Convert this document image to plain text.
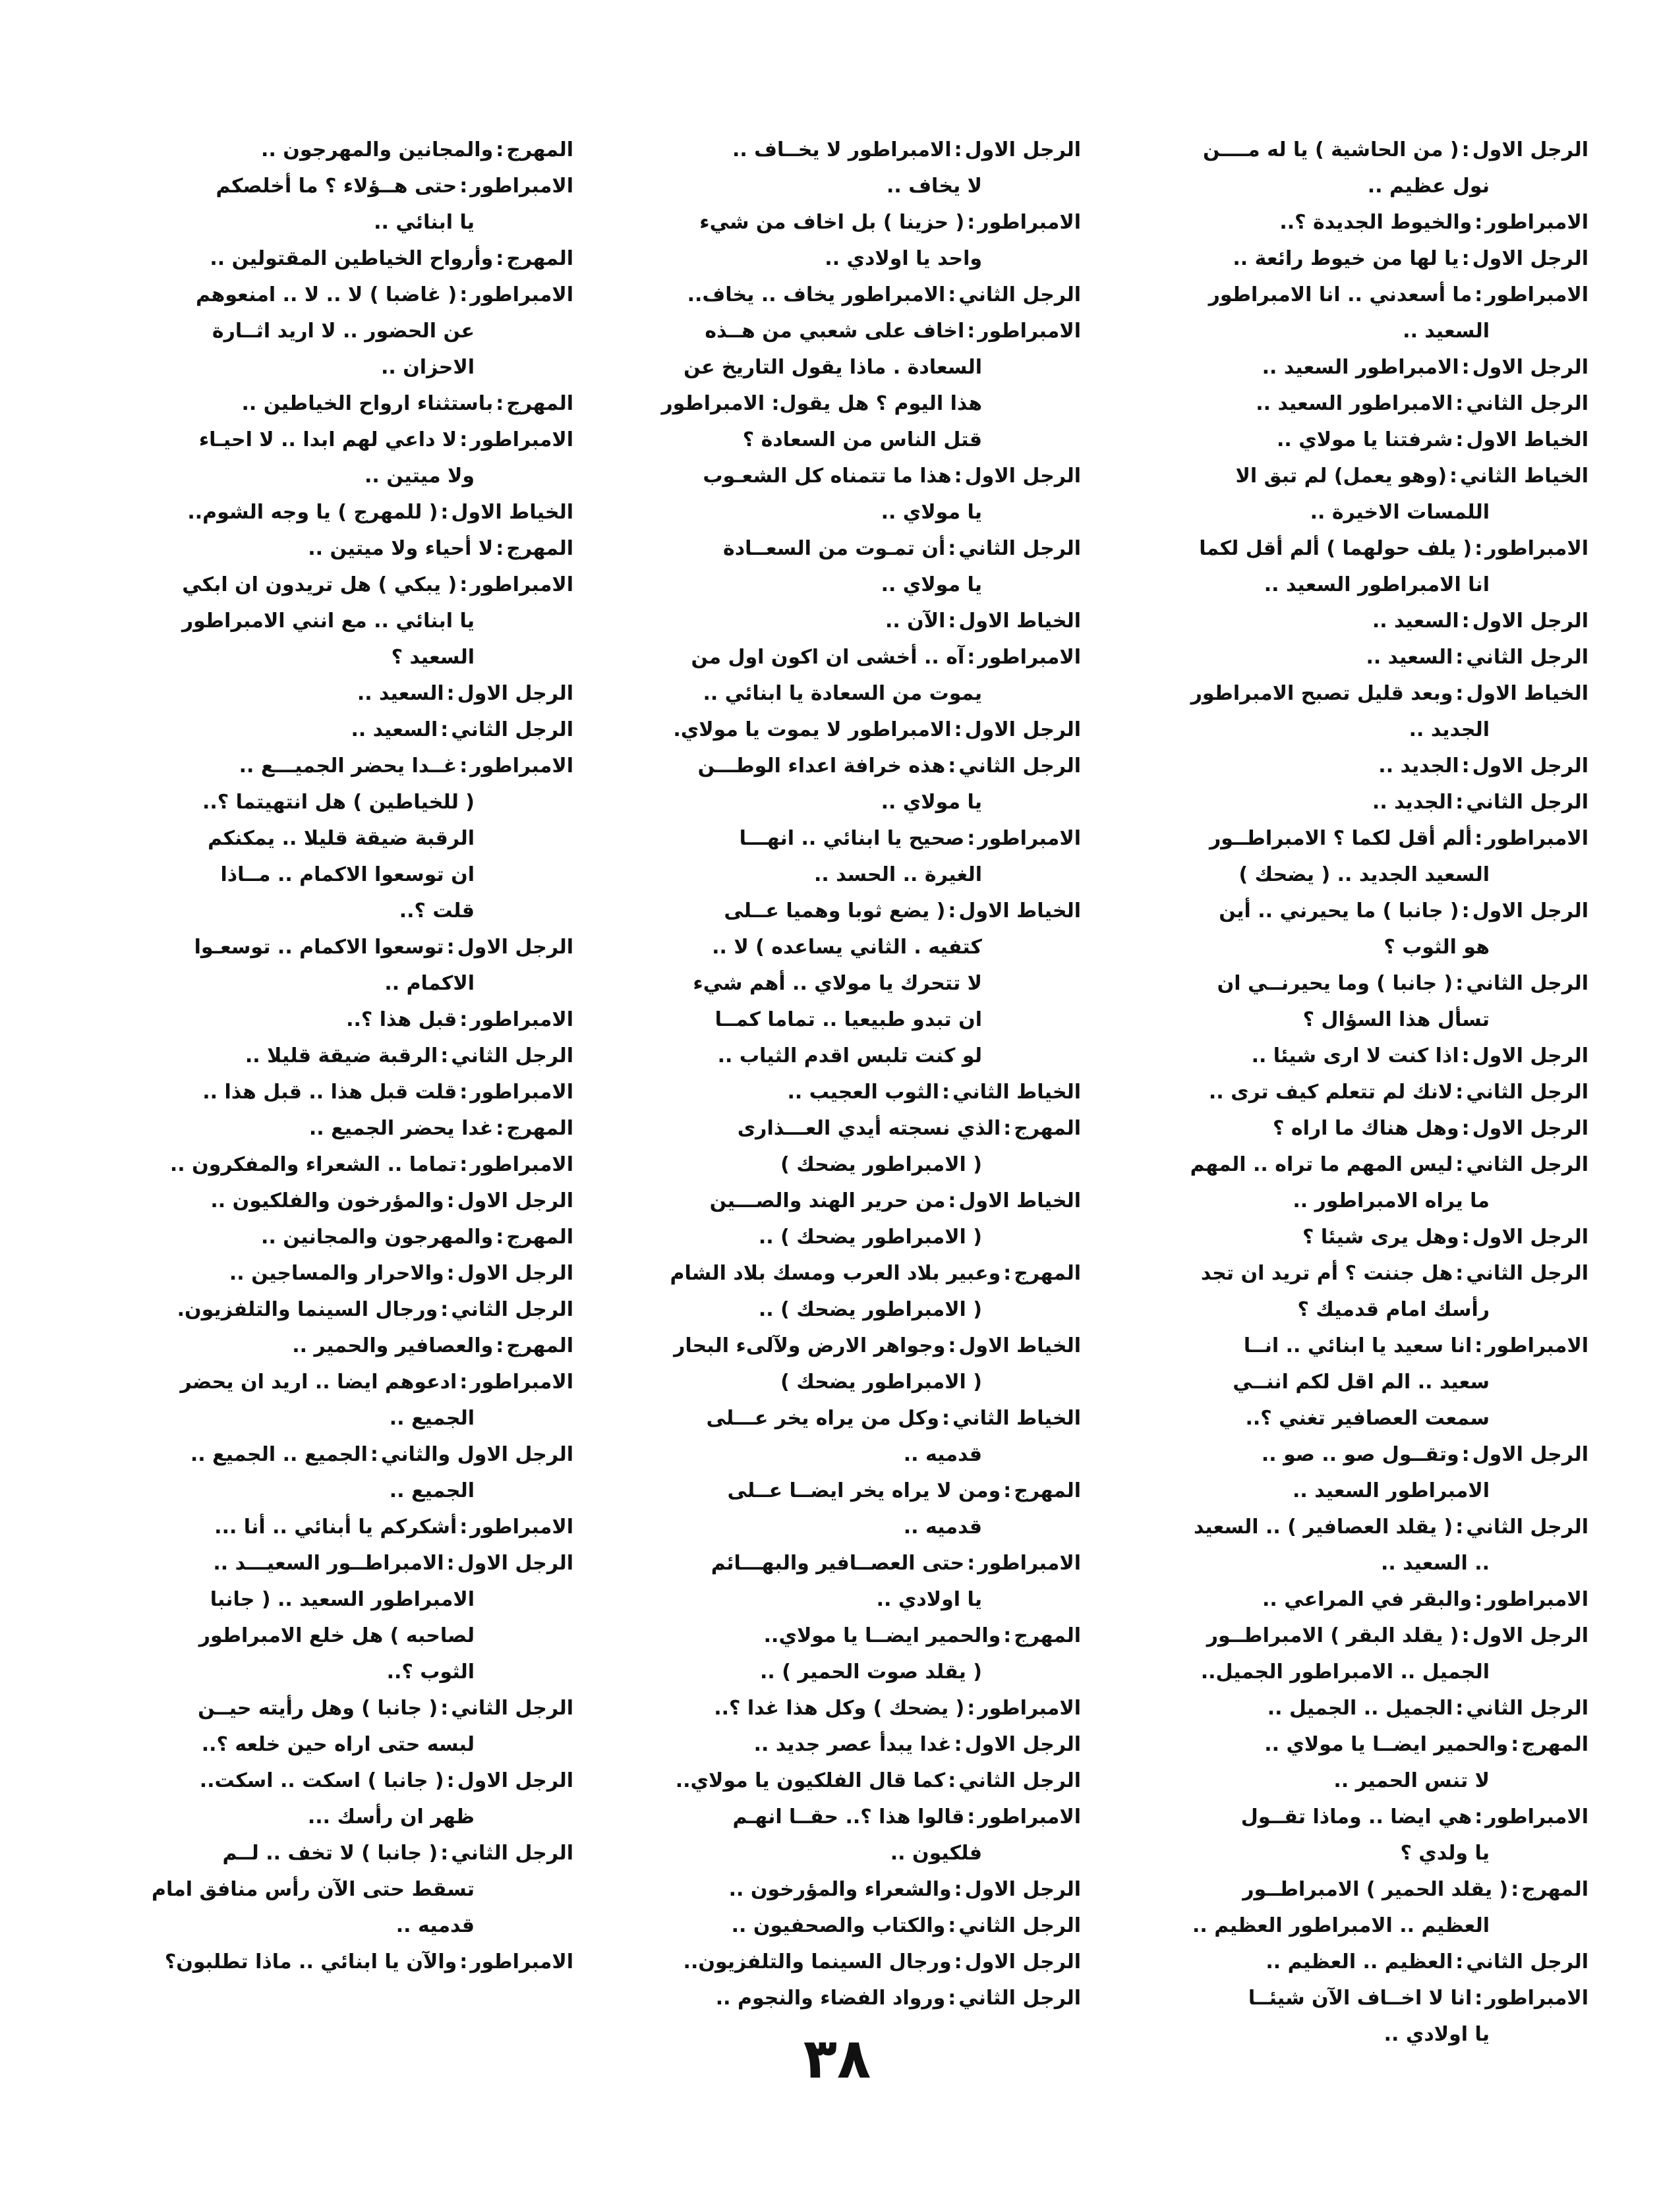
الرجل الاول:( من الحاشية ) يا له مــــن
نول عظيم ..
الامبراطور:والخيوط الجديدة ؟..
الرجل الاول:يا لها من خيوط رائعة ..
الامبراطور:ما أسعدني .. انا الامبراطور
السعيد ..
الرجل الاول:الامبراطور السعيد ..
الرجل الثاني:الامبراطور السعيد ..
الخياط الاول:شرفتنا يا مولاي ..
الخياط الثاني:(وهو يعمل) لم تبق الا
اللمسات الاخيرة ..
الامبراطور:( يلف حولهما ) ألم أقل لكما
انا الامبراطور السعيد ..
الرجل الاول:السعيد ..
الرجل الثاني:السعيد ..
الخياط الاول:وبعد قليل تصبح الامبراطور
الجديد ..
الرجل الاول:الجديد ..
الرجل الثاني:الجديد ..
الامبراطور:ألم أقل لكما ؟ الامبراطــور
السعيد الجديد .. ( يضحك )
الرجل الاول:( جانبا ) ما يحيرني .. أين
هو الثوب ؟
الرجل الثاني:( جانبا ) وما يحيرنــي ان
تسأل هذا السؤال ؟
الرجل الاول:اذا كنت لا ارى شيئا ..
الرجل الثاني:لانك لم تتعلم كيف ترى ..
الرجل الاول:وهل هناك ما اراه ؟
الرجل الثاني:ليس المهم ما تراه .. المهم
ما يراه الامبراطور ..
الرجل الاول:وهل يرى شيئا ؟
الرجل الثاني:هل جننت ؟ أم تريد ان تجد
رأسك امام قدميك ؟
الامبراطور:انا سعيد يا ابنائي .. انــا
سعيد .. الم اقل لكم اننــي
سمعت العصافير تغني ؟..
الرجل الاول:وتقــول صو .. صو ..
الامبراطور السعيد ..
الرجل الثاني:( يقلد العصافير ) .. السعيد
.. السعيد ..
الامبراطور:والبقر في المراعي ..
الرجل الاول:( يقلد البقر ) الامبراطــور
الجميل .. الامبراطور الجميل..
الرجل الثاني:الجميل .. الجميل ..
المهرج:والحمير ايضــا يا مولاي ..
لا تنس الحمير ..
الامبراطور:هي ايضا .. وماذا تقــول
يا ولدي ؟
المهرج:( يقلد الحمير ) الامبراطــور
العظيم .. الامبراطور العظيم ..
الرجل الثاني:العظيم .. العظيم ..
الامبراطور:انا لا اخــاف الآن شيئــا
يا اولادي ..
الرجل الاول:الامبراطور لا يخــاف ..
لا يخاف ..
الامبراطور:( حزينا ) بل اخاف من شيء
واحد يا اولادي ..
الرجل الثاني:الامبراطور يخاف .. يخاف..
الامبراطور:اخاف على شعبي من هــذه
السعادة . ماذا يقول التاريخ عن
هذا اليوم ؟ هل يقول: الامبراطور
قتل الناس من السعادة ؟
الرجل الاول:هذا ما تتمناه كل الشعـوب
يا مولاي ..
الرجل الثاني:أن تمـوت من السعــادة
يا مولاي ..
الخياط الاول:الآن ..
الامبراطور:آه .. أخشى ان اكون اول من
يموت من السعادة يا ابنائي ..
الرجل الاول:الامبراطور لا يموت يا مولاي.
الرجل الثاني:هذه خرافة اعداء الوطـــن
يا مولاي ..
الامبراطور:صحيح يا ابنائي .. انهـــا
الغيرة .. الحسد ..
الخياط الاول:( يضع ثوبا وهميا عــلى
كتفيه . الثاني يساعده ) لا ..
لا تتحرك يا مولاي .. أهم شيء
ان تبدو طبيعيا .. تماما كمــا
لو كنت تلبس اقدم الثياب ..
الخياط الثاني:الثوب العجيب ..
المهرج:الذي نسجته أيدي العـــذارى
( الامبراطور يضحك )
الخياط الاول:من حرير الهند والصـــين
( الامبراطور يضحك ) ..
المهرج:وعبير بلاد العرب ومسك بلاد الشام
( الامبراطور يضحك ) ..
الخياط الاول:وجواهر الارض ولآلىء البحار
( الامبراطور يضحك )
الخياط الثاني:وكل من يراه يخر عـــلى
قدميه ..
المهرج:ومن لا يراه يخر ايضــا عــلى
قدميه ..
الامبراطور:حتى العصــافير والبهـــائم
يا اولادي ..
المهرج:والحمير ايضــا يا مولاي..
( يقلد صوت الحمير ) ..
الامبراطور:( يضحك ) وكل هذا غدا ؟..
الرجل الاول:غدا يبدأ عصر جديد ..
الرجل الثاني:كما قال الفلكيون يا مولاي..
الامبراطور:قالوا هذا ؟.. حقــا انهـم
فلكيون ..
الرجل الاول:والشعراء والمؤرخون ..
الرجل الثاني:والكتاب والصحفيون ..
الرجل الاول:ورجال السينما والتلفزيون..
الرجل الثاني:ورواد الفضاء والنجوم ..
المهرج:والمجانين والمهرجون ..
الامبراطور:حتى هــؤلاء ؟ ما أخلصكم
يا ابنائي ..
المهرج:وأرواح الخياطين المقتولين ..
الامبراطور:( غاضبا ) لا .. لا .. امنعوهم
عن الحضور .. لا اريد اثــارة
الاحزان ..
المهرج:باستثناء ارواح الخياطين ..
الامبراطور:لا داعي لهم ابدا .. لا احيـاء
ولا ميتين ..
الخياط الاول:( للمهرج ) يا وجه الشوم..
المهرج:لا أحياء ولا ميتين ..
الامبراطور:( يبكي ) هل تريدون ان ابكي
يا ابنائي .. مع انني الامبراطور
السعيد ؟
الرجل الاول:السعيد ..
الرجل الثاني:السعيد ..
الامبراطور:غــدا يحضر الجميـــع ..
( للخياطين ) هل انتهيتما ؟..
الرقبة ضيقة قليلا .. يمكنكم
ان توسعوا الاكمام .. مــاذا
قلت ؟..
الرجل الاول:توسعوا الاكمام .. توسعـوا
الاكمام ..
الامبراطور:قبل هذا ؟..
الرجل الثاني:الرقبة ضيقة قليلا ..
الامبراطور:قلت قبل هذا .. قبل هذا ..
المهرج:غدا يحضر الجميع ..
الامبراطور:تماما .. الشعراء والمفكرون ..
الرجل الاول:والمؤرخون والفلكيون ..
المهرج:والمهرجون والمجانين ..
الرجل الاول:والاحرار والمساجين ..
الرجل الثاني:ورجال السينما والتلفزيون.
المهرج:والعصافير والحمير ..
الامبراطور:ادعوهم ايضا .. اريد ان يحضر
الجميع ..
الرجل الاول والثاني:الجميع .. الجميع ..
الجميع ..
الامبراطور:أشكركم يا أبنائي .. أنا ...
الرجل الاول:الامبراطــور السعيـــد ..
الامبراطور السعيد .. ( جانبا
لصاحبه ) هل خلع الامبراطور
الثوب ؟..
الرجل الثاني:( جانبا ) وهل رأيته حيــن
لبسه حتى اراه حين خلعه ؟..
الرجل الاول:( جانبا ) اسكت .. اسكت..
ظهر ان رأسك ...
الرجل الثاني:( جانبا ) لا تخف .. لــم
تسقط حتى الآن رأس منافق امام
قدميه ..
الامبراطور:والآن يا ابنائي .. ماذا تطلبون؟
٣٨
